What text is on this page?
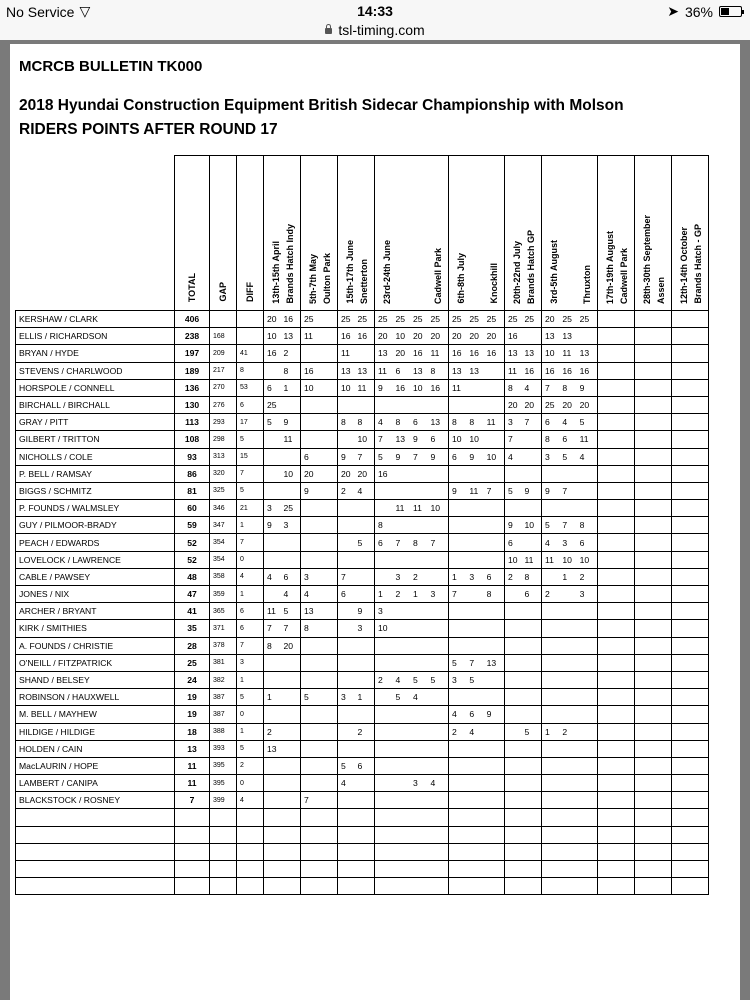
No Service ▽	14:33	➤ 36%
tsl-timing.com
MCRCB BULLETIN TK000
2018 Hyundai Construction Equipment British Sidecar Championship with Molson
RIDERS POINTS AFTER ROUND 17
	TOTAL	GAP	DIFF	13th-15th April Brands Hatch Indy	5th-7th May Oulton Park	15th-17th June Snetterton	23rd-24th June Cadwell Park	6th-8th July Knockhill	20th-22nd July Brands Hatch GP	3rd-5th August Thruxton	17th-19th August Cadwell Park	28th-30th September Assen	12th-14th October Brands Hatch - GP

KERSHAW / CLARK	406			20 16	25	25 25	25 25 25 25	25 25 25	25 25	20 25 25			

ELLIS / RICHARDSON	238	168		10 13	11	16 16	20 10 20 20	20 20 20	16	13 13			

BRYAN / HYDE	197	209	41	16 2		11	13 20 16 11	16 16 16	13 13	10 11 13			

STEVENS / CHARLWOOD	189	217	8	8	16	13 13	11 6 13 8	13 13	11 16	16 16 16			

HORSPOLE / CONNELL	136	270	53	6 1	10	10 11	9 16 10 16	11	8 4	7 8 9			

BIRCHALL / BIRCHALL	130	276	6	25					20 20	25 20 20			

GRAY / PITT	113	293	17	5 9		8 8	4 8 6 13	8 8 11	3 7	6 4 5			

GILBERT / TRITTON	108	298	5	11		10	7 13 9 6	10 10	7	8 6 11			

NICHOLLS / COLE	93	313	15		6	9 7	5 9 7 9	6 9 10	4	3 5 4			

P. BELL / RAMSAY	86	320	7	10	20	20 20	16						

BIGGS / SCHMITZ	81	325	5		9	2 4		9 11 7	5 9	9 7			

P. FOUNDS / WALMSLEY	60	346	21	3 25			11 11 10						

GUY / PILMOOR-BRADY	59	347	1	9 3			8		9 10	5 7 8			

PEACH / EDWARDS	52	354	7			5	6 7 8 7		6	4 3 6			

LOVELOCK / LAWRENCE	52	354	0						10 11	11 10 10			

CABLE / PAWSEY	48	358	4	4 6	3	7	3 2	1 3 6	2 8	1 2			

JONES / NIX	47	359	1	4	4	6	1 2 1 3	7 8	6	2 3			

ARCHER / BRYANT	41	365	6	11 5	13	9	3						

KIRK / SMITHIES	35	371	6	7 7	8	3	10						

A. FOUNDS / CHRISTIE	28	378	7	8 20									

O'NEILL / FITZPATRICK	25	381	3					5 7 13					

SHAND / BELSEY	24	382	1				2 4 5 5	3 5					

ROBINSON / HAUXWELL	19	387	5	1	5	3 1	5 4						

M. BELL / MAYHEW	19	387	0					4 6 9					

HILDIGE / HILDIGE	18	388	1	2		2		2 4	5	1 2			

HOLDEN / CAIN	13	393	5	13									

MacLAURIN / HOPE	11	395	2			5 6							

LAMBERT / CANIPA	11	395	0			4	3 4						

BLACKSTOCK / ROSNEY	7	399	4		7								
